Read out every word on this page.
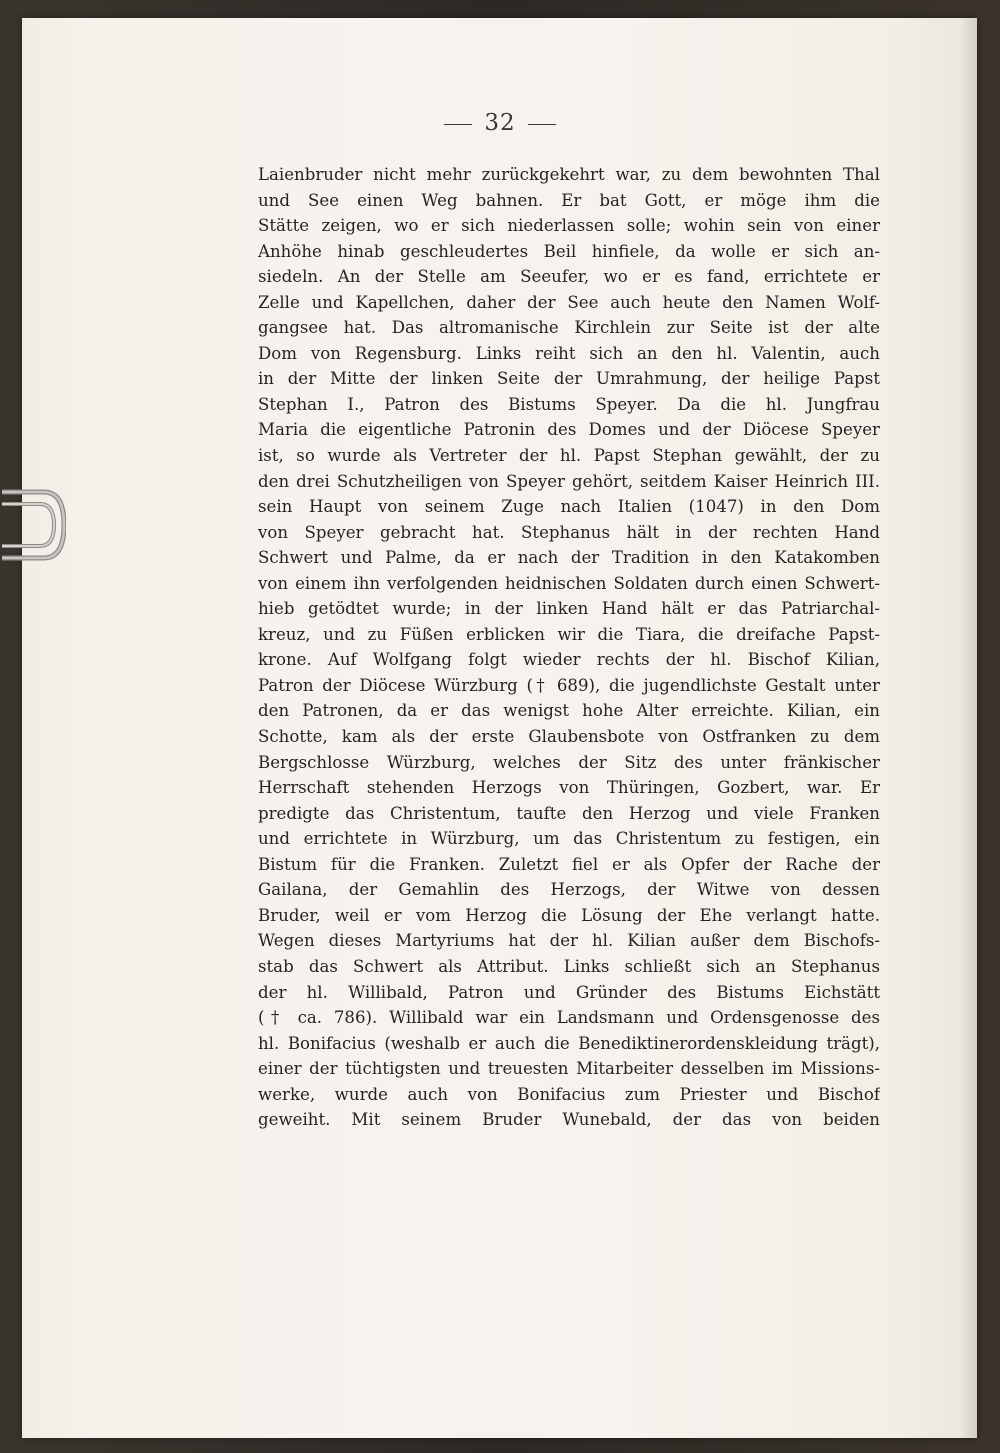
32
Laienbruder nicht mehr zurückgekehrt war, zu dem bewohnten Thal
und See einen Weg bahnen. Er bat Gott, er möge ihm die
Stätte zeigen, wo er sich niederlassen solle; wohin sein von einer
Anhöhe hinab geschleudertes Beil hinfiele, da wolle er sich an-
siedeln. An der Stelle am Seeufer, wo er es fand, errichtete er
Zelle und Kapellchen, daher der See auch heute den Namen Wolf-
gangsee hat. Das altromanische Kirchlein zur Seite ist der alte
Dom von Regensburg. Links reiht sich an den hl. Valentin, auch
in der Mitte der linken Seite der Umrahmung, der heilige Papst
Stephan I., Patron des Bistums Speyer. Da die hl. Jungfrau
Maria die eigentliche Patronin des Domes und der Diöcese Speyer
ist, so wurde als Vertreter der hl. Papst Stephan gewählt, der zu
den drei Schutzheiligen von Speyer gehört, seitdem Kaiser Heinrich III.
sein Haupt von seinem Zuge nach Italien (1047) in den Dom
von Speyer gebracht hat. Stephanus hält in der rechten Hand
Schwert und Palme, da er nach der Tradition in den Katakomben
von einem ihn verfolgenden heidnischen Soldaten durch einen Schwert-
hieb getödtet wurde; in der linken Hand hält er das Patriarchal-
kreuz, und zu Füßen erblicken wir die Tiara, die dreifache Papst-
krone. Auf Wolfgang folgt wieder rechts der hl. Bischof Kilian,
Patron der Diöcese Würzburg († 689), die jugendlichste Gestalt unter
den Patronen, da er das wenigst hohe Alter erreichte. Kilian, ein
Schotte, kam als der erste Glaubensbote von Ostfranken zu dem
Bergschlosse Würzburg, welches der Sitz des unter fränkischer
Herrschaft stehenden Herzogs von Thüringen, Gozbert, war. Er
predigte das Christentum, taufte den Herzog und viele Franken
und errichtete in Würzburg, um das Christentum zu festigen, ein
Bistum für die Franken. Zuletzt fiel er als Opfer der Rache der
Gailana, der Gemahlin des Herzogs, der Witwe von dessen
Bruder, weil er vom Herzog die Lösung der Ehe verlangt hatte.
Wegen dieses Martyriums hat der hl. Kilian außer dem Bischofs-
stab das Schwert als Attribut. Links schließt sich an Stephanus
der hl. Willibald, Patron und Gründer des Bistums Eichstätt
(† ca. 786). Willibald war ein Landsmann und Ordensgenosse des
hl. Bonifacius (weshalb er auch die Benediktinerordenskleidung trägt),
einer der tüchtigsten und treuesten Mitarbeiter desselben im Missions-
werke, wurde auch von Bonifacius zum Priester und Bischof
geweiht. Mit seinem Bruder Wunebald, der das von beiden
